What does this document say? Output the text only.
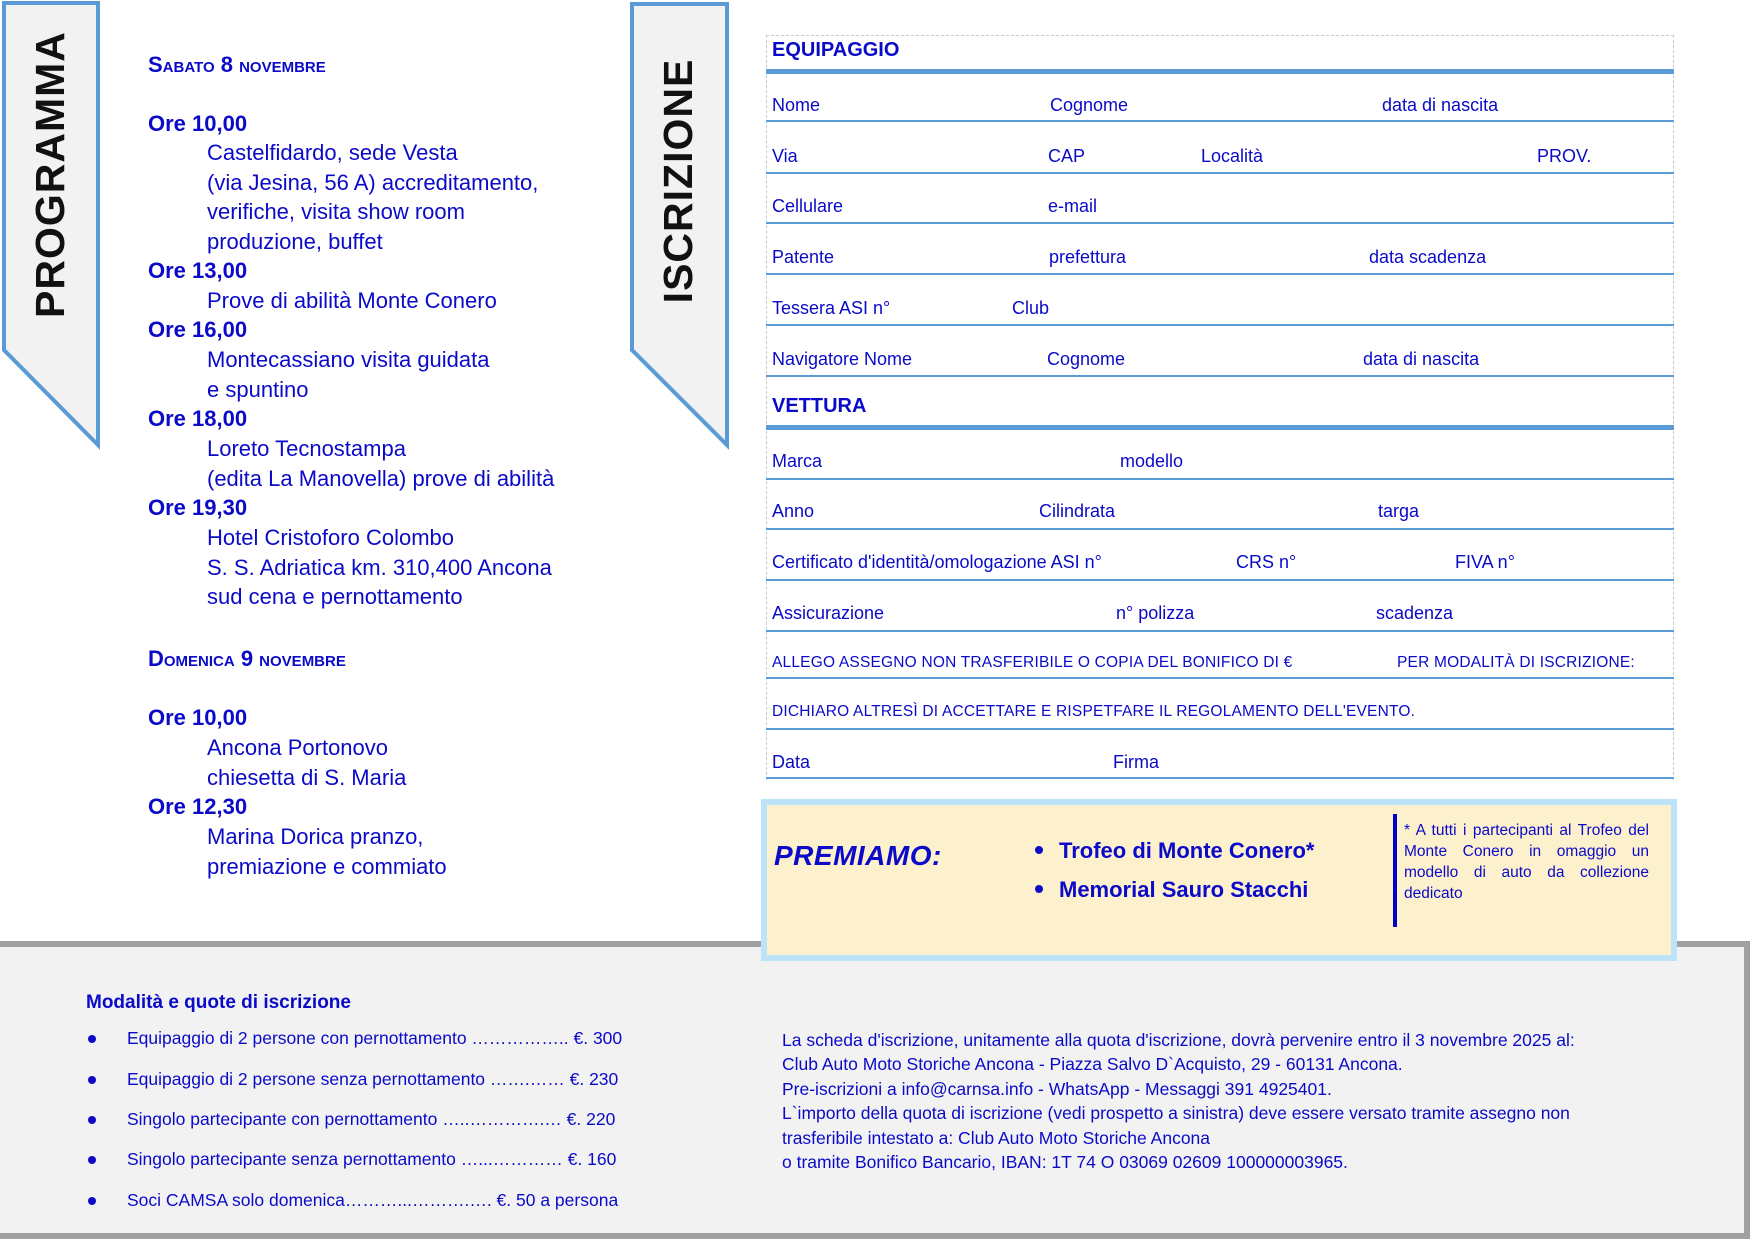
PROGRAMMA	Sabato 8 novembre
Ore 10,00
Castelfidardo, sede Vesta
(via Jesina, 56 A) accreditamento,
verifiche, visita show room
produzione, buffet
Ore 13,00
Prove di abilità Monte Conero
Ore 16,00
Montecassiano visita guidata
e spuntino
Ore 18,00
Loreto Tecnostampa
(edita La Manovella) prove di abilità
Ore 19,30
Hotel Cristoforo Colombo
S. S. Adriatica km. 310,400 Ancona
sud cena e pernottamento
Domenica 9 novembre
Ore 10,00
Ancona Portonovo
chiesetta di S. Maria
Ore 12,30
Marina Dorica pranzo,
premiazione e commiato
ISCRIZIONE
EQUIPAGGIO
Nome	Cognome	data di nascita
Via	CAP	Località	PROV.
Cellulare	e-mail
Patente	prefettura	data scadenza
Tessera ASI n°	Club
Navigatore Nome	Cognome	data di nascita
VETTURA
Marca	modello
Anno	Cilindrata	targa
Certificato d'identità/omologazione ASI n°	CRS n°	FIVA n°
Assicurazione	n° polizza	scadenza
ALLEGO ASSEGNO NON TRASFERIBILE O COPIA DEL BONIFICO DI €	PER MODALITÀ DI ISCRIZIONE:
DICHIARO ALTRESÌ DI ACCETTARE E RISPETFARE IL REGOLAMENTO DELL'EVENTO.
Data	Firma
PREMIAMO:	Trofeo di Monte Conero*
Memorial Sauro Stacchi
* A tutti i partecipanti al Trofeo del Monte Conero in omaggio un modello di auto da collezione dedicato
Modalità e quote di iscrizione
Equipaggio di 2 persone con pernottamento …………….. €. 300
Equipaggio di 2 persone senza pernottamento …….…… €. 230
Singolo partecipante con pernottamento …..………….… €. 220
Singolo partecipante senza pernottamento …...………… €. 160
Soci CAMSA solo domenica………...……….…. €. 50 a persona
La scheda d'iscrizione, unitamente alla quota d'iscrizione, dovrà pervenire entro il 3 novembre 2025 al:
Club Auto Moto Storiche Ancona - Piazza Salvo D`Acquisto, 29 - 60131 Ancona.
Pre-iscrizioni a info@carnsa.info - WhatsApp - Messaggi 391 4925401.
L`importo della quota di iscrizione (vedi prospetto a sinistra) deve essere versato tramite assegno non
trasferibile intestato a: Club Auto Moto Storiche Ancona
o tramite Bonifico Bancario, IBAN: 1T 74 O 03069 02609 100000003965.
